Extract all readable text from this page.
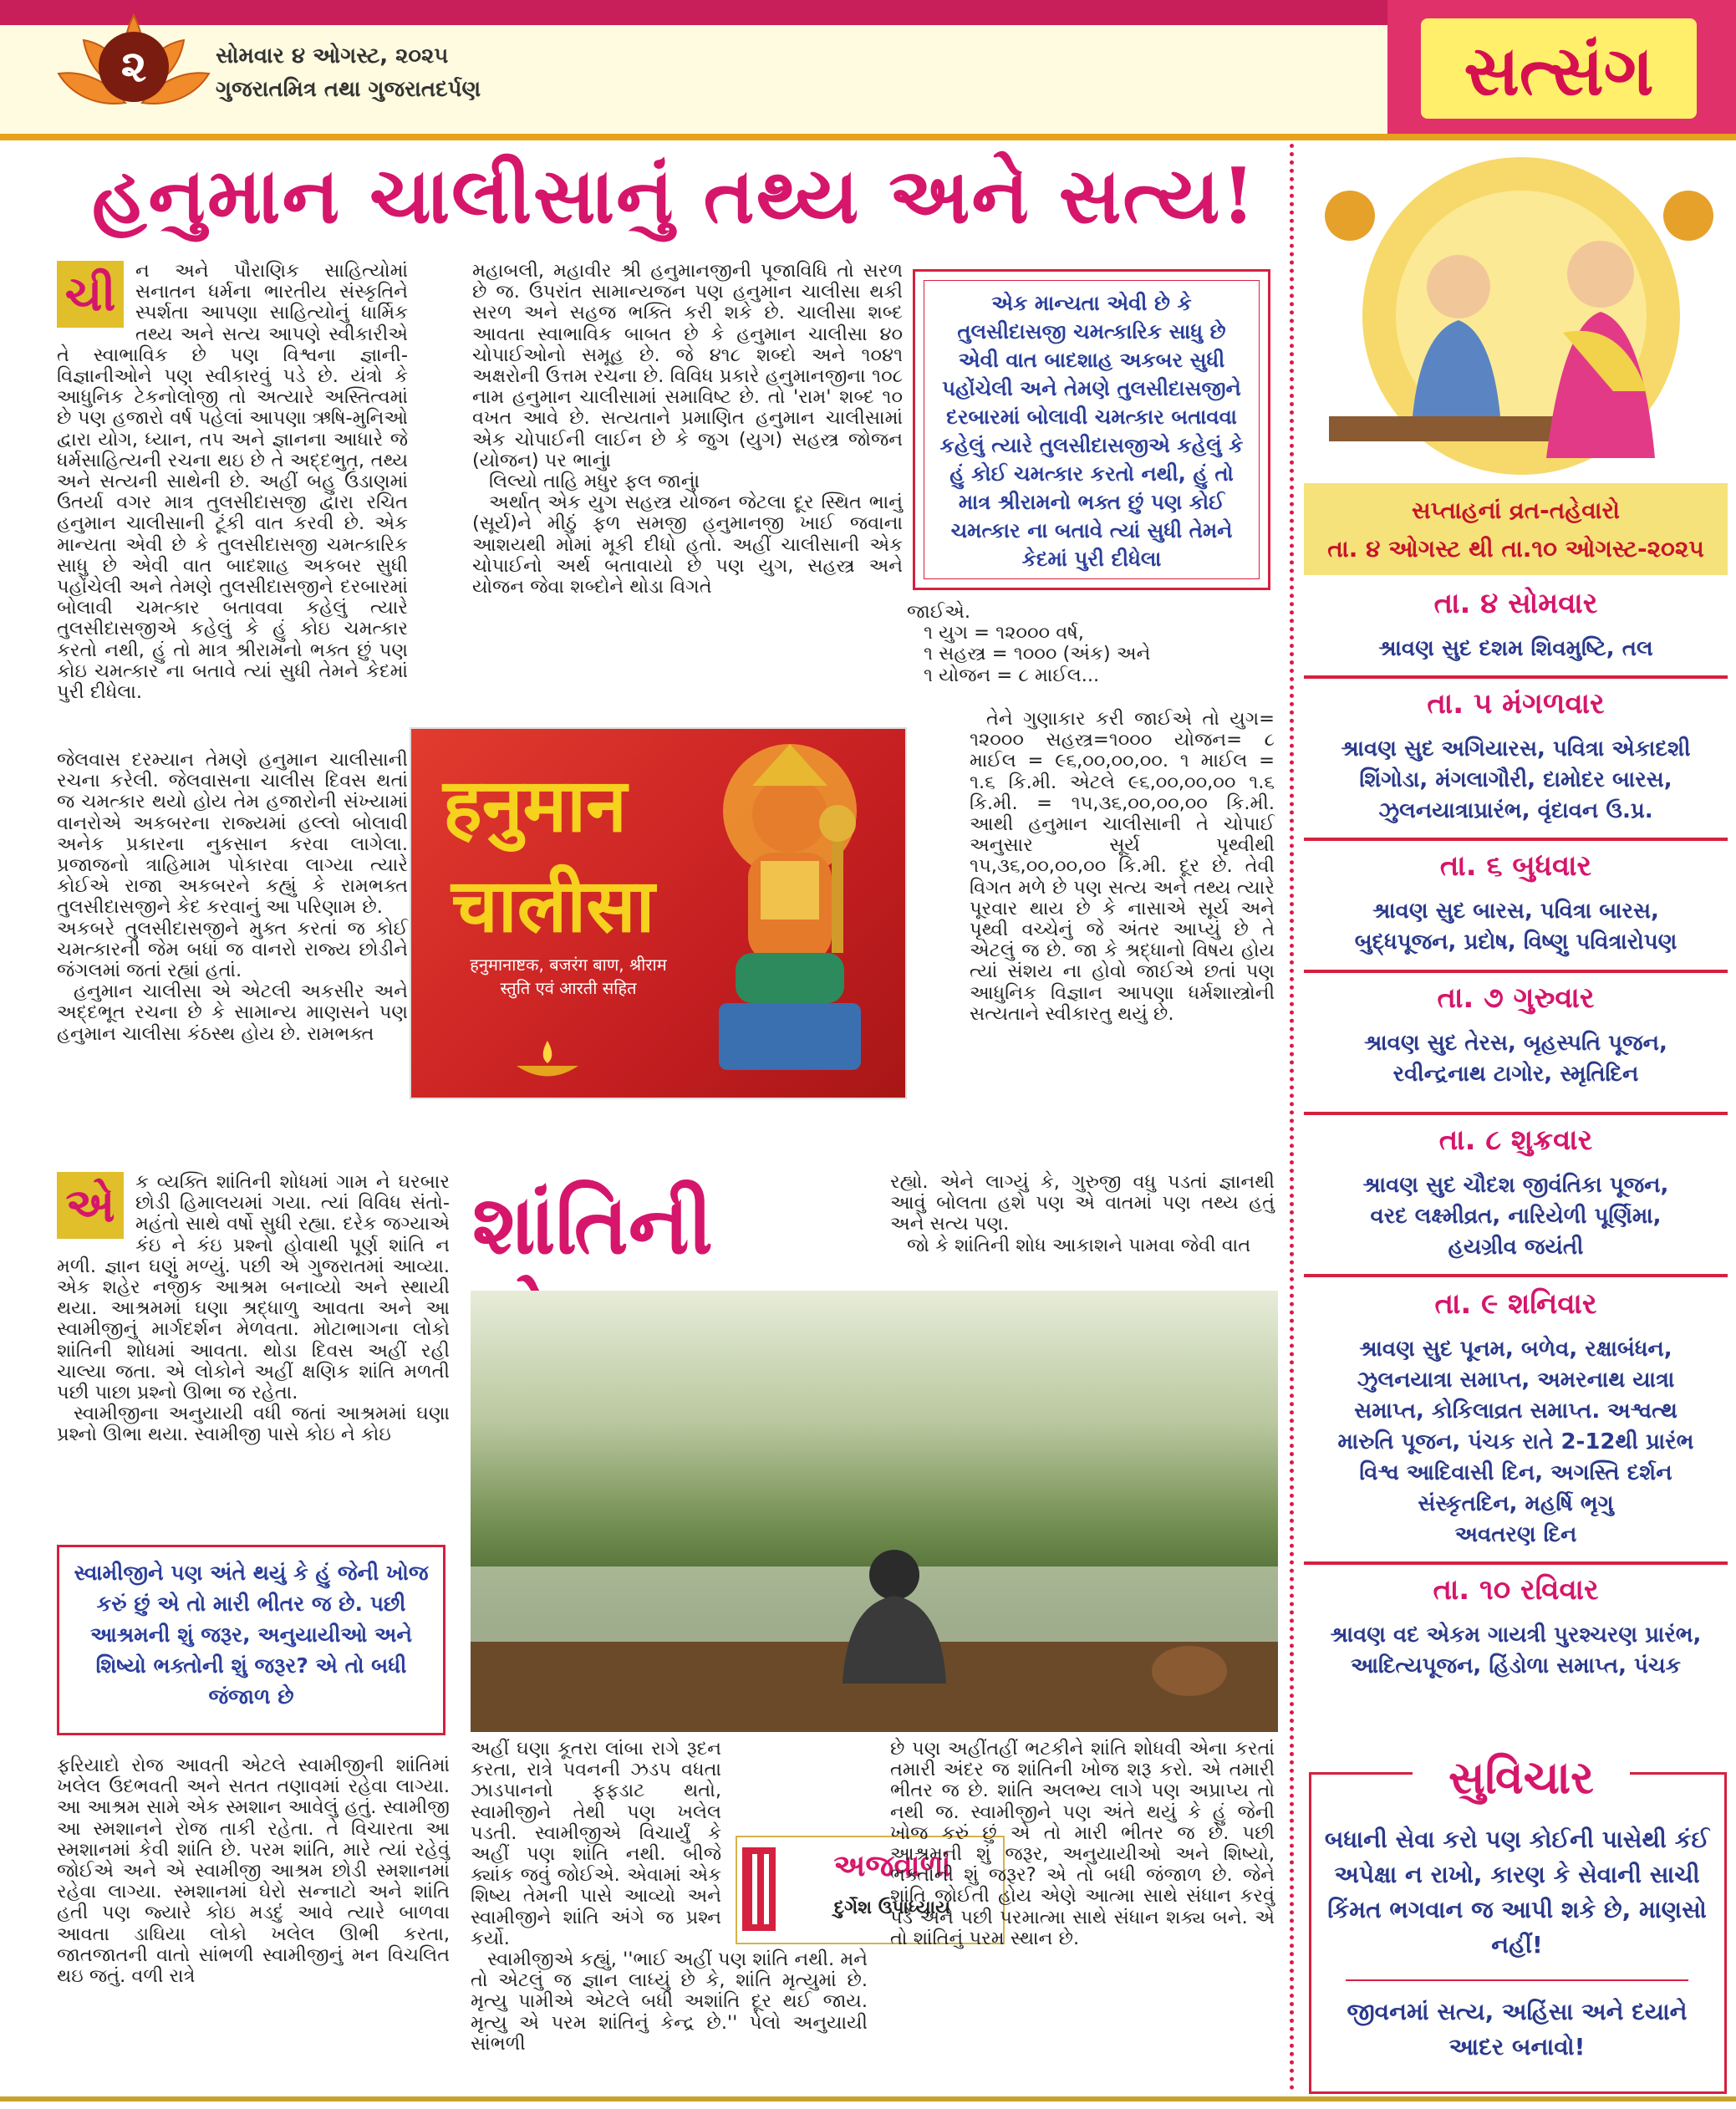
સત્સંગ
૨	સોમવાર ૪ ઓગસ્ટ, ૨૦૨૫
ગુજરાતમિત્ર તથા ગુજરાતદર્પણ
હનુમાન ચાલીસાનું તથ્ય અને સત્ય!
ચી	ન અને પૌરાણિક સાહિત્યોમાં સનાતન ધર્મના ભારતીય સંસ્કૃતિને સ્પર્શતા આપણા સાહિત્યોનું ધાર્મિક તથ્ય અને સત્ય આપણે સ્વીકારીએ તે સ્વાભાવિક છે પણ વિશ્વના જ્ઞાની-વિજ્ઞાનીઓને પણ સ્વીકારવું પડે છે. યંત્રો કે આધુનિક ટેકનોલોજી તો અત્યારે અસ્તિત્વમાં છે પણ હજારો વર્ષ પહેલાં આપણા ઋષિ-મુનિઓ દ્વારા યોગ, ધ્યાન, તપ અને જ્ઞાનના આધારે જે ધર્મસાહિત્યની રચના થઇ છે તે અદ્દભુત, તથ્ય અને સત્યની સાથેની છે. અહીં બહુ ઉંડાણમાં ઉતર્યા વગર માત્ર તુલસીદાસજી દ્વારા રચિત હનુમાન ચાલીસાની ટૂંકી વાત કરવી છે. એક માન્યતા એવી છે કે તુલસીદાસજી ચમત્કારિક સાધુ છે એવી વાત બાદશાહ અકબર સુધી પહોંચેલી અને તેમણે તુલસીદાસજીને દરબારમાં બોલાવી ચમત્કાર બતાવવા કહેલું ત્યારે તુલસીદાસજીએ કહેલું કે હું કોઇ ચમત્કાર કરતો નથી, હું તો માત્ર શ્રીરામનો ભક્ત છું પણ કોઇ ચમત્કાર ના બતાવે ત્યાં સુધી તેમને કેદમાં પુરી દીધેલા.

જેલવાસ દરમ્યાન તેમણે હનુમાન ચાલીસાની રચના કરેલી. જેલવાસના ચાલીસ દિવસ થતાં જ ચમત્કાર થયો હોય તેમ હજારોની સંખ્યામાં વાનરોએ અકબરના રાજ્યમાં હલ્લો બોલાવી અનેક પ્રકારના નુકસાન કરવા લાગેલા. પ્રજાજનો ત્રાહિમામ પોકારવા લાગ્યા ત્યારે કોઈએ રાજા અકબરને કહ્યું કે રામભક્ત તુલસીદાસજીને કેદ કરવાનું આ પરિણામ છે.

અકબરે તુલસીદાસજીને મુક્ત કરતાં જ કોઈ ચમત્કારની જેમ બધાં જ વાનરો રાજ્ય છોડીને જંગલમાં જતાં રહ્યાં હતાં.

હનુમાન ચાલીસા એ એટલી અકસીર અને અદ્દભૂત રચના છે કે સામાન્ય માણસને પણ હનુમાન ચાલીસા કંઠસ્થ હોય છે. રામભક્ત

મહાબલી, મહાવીર શ્રી હનુમાનજીની પૂજાવિધિ તો સરળ છે જ. ઉપરાંત સામાન્યજન પણ હનુમાન ચાલીસા થકી સરળ અને સહજ ભક્તિ કરી શકે છે. ચાલીસા શબ્દ આવતા સ્વાભાવિક બાબત છે કે હનુમાન ચાલીસા ૪૦ ચોપાઈઓનો સમૂહ છે. જે ૪૧૮ શબ્દો અને ૧૦૪૧ અક્ષરોની ઉત્તમ રચના છે. વિવિધ પ્રકારે હનુમાનજીના ૧૦૮ નામ હનુમાન ચાલીસામાં સમાવિષ્ટ છે. તો 'રામ' શબ્દ ૧૦ વખત આવે છે. સત્યતાને પ્રમાણિત હનુમાન ચાલીસામાં એક ચોપાઈની લાઈન છે કે જુગ (યુગ) સહસ્ત્ર જોજન (યોજન) પર ભાનું।

લિલ્યો તાહિ મધુર ફલ જાનું।

અર્થાત્ એક યુગ સહસ્ત્ર યોજન જેટલા દૂર સ્થિત ભાનું (સૂર્ય)ને મીઠું ફળ સમજી હનુમાનજી ખાઈ જવાના આશયથી મોમાં મૂકી દીધો હતો. અહીં ચાલીસાની એક ચોપાઈનો અર્થ બતાવાયો છે પણ યુગ, સહસ્ત્ર અને યોજન જેવા શબ્દોને થોડા વિગતે

એક માન્યતા એવી છે કે તુલસીદાસજી ચમત્કારિક સાધુ છે એવી વાત બાદશાહ અકબર સુધી પહોંચેલી અને તેમણે તુલસીદાસજીને દરબારમાં બોલાવી ચમત્કાર બતાવવા કહેલું ત્યારે તુલસીદાસજીએ કહેલું કે હું કોઈ ચમત્કાર કરતો નથી, હું તો માત્ર શ્રીરામનો ભક્ત છું પણ કોઈ ચમત્કાર ના બતાવે ત્યાં સુધી તેમને કેદમાં પુરી દીધેલા

જાઈએ.

૧ યુગ = ૧૨૦૦૦ વર્ષ,

૧ સહસ્ત્ર = ૧૦૦૦ (અંક) અને

૧ યોજન = ૮ માઈલ...

તેને ગુણાકાર કરી જાઈએ તો યુગ= ૧૨૦૦૦ સહસ્ત્ર=૧૦૦૦ યોજન= ૮ માઈલ = ૯૬,૦૦,૦૦,૦૦. ૧ માઈલ = ૧.૬ કિ.મી. એટલે ૯૬,૦૦,૦૦,૦૦ ૧.૬ કિ.મી. = ૧૫,૩૬,૦૦,૦૦,૦૦ કિ.મી. આથી હનુમાન ચાલીસાની તે ચોપાઈ અનુસાર સૂર્ય પૃથ્વીથી ૧૫,૩૬,૦૦,૦૦,૦૦ કિ.મી. દૂર છે. તેવી વિગત મળે છે પણ સત્ય અને તથ્ય ત્યારે પૂરવાર થાય છે કે નાસાએ સૂર્ય અને પૃથ્વી વચ્ચેનું જે અંતર આપ્યું છે તે એટલું જ છે. જા કે શ્રદ્ધાનો વિષય હોય ત્યાં સંશય ના હોવો જાઈએ છતાં પણ આધુનિક વિજ્ઞાન આપણા ધર્મશાસ્ત્રોની સત્યતાને સ્વીકારતુ થયું છે.

हनुमान
चालीसा
हनुमानाष्टक, बजरंग बाण, श्रीराम स्तुति एवं आरती सहित
એ	ક વ્યક્તિ શાંતિની શોધમાં ગામ ને ઘરબાર છોડી હિમાલયમાં ગયા. ત્યાં વિવિધ સંતો-મહંતો સાથે વર્ષો સુધી રહ્યા. દરેક જગ્યાએ કંઇ ને કંઇ પ્રશ્નો હોવાથી પૂર્ણ શાંતિ ન મળી. જ્ઞાન ઘણું મળ્યું. પછી એ ગુજરાતમાં આવ્યા. એક શહેર નજીક આશ્રમ બનાવ્યો અને સ્થાયી થયા. આશ્રમમાં ઘણા શ્રદ્ધાળુ આવતા અને આ સ્વામીજીનું માર્ગદર્શન મેળવતા. મોટાભાગના લોકો શાંતિની શોધમાં આવતા. થોડા દિવસ અહીં રહી ચાલ્યા જતા. એ લોકોને અહીં ક્ષણિક શાંતિ મળતી પછી પાછા પ્રશ્નો ઊભા જ રહેતા.

સ્વામીજીના અનુયાયી વધી જતાં આશ્રમમાં ઘણા પ્રશ્નો ઊભા થયા. સ્વામીજી પાસે કોઇ ને કોઇ

સ્વામીજીને પણ અંતે થયું કે હું જેની ખોજ કરું છું એ તો મારી ભીતર જ છે. પછી આશ્રમની શું જરૂર, અનુયાયીઓ અને શિષ્યો ભક્તોની શું જરૂર? એ તો બધી જંજાળ છે

ફરિયાદો રોજ આવતી એટલે સ્વામીજીની શાંતિમાં ખલેલ ઉદભવતી અને સતત તણાવમાં રહેવા લાગ્યા. આ આશ્રમ સામે એક સ્મશાન આવેલું હતું. સ્વામીજી આ સ્મશાનને રોજ તાકી રહેતા. તે વિચારતા આ સ્મશાનમાં કેવી શાંતિ છે. પરમ શાંતિ, મારે ત્યાં રહેવું જોઈએ અને એ સ્વામીજી આશ્રમ છોડી સ્મશાનમાં રહેવા લાગ્યા. સ્મશાનમાં ઘેરો સન્નાટો અને શાંતિ હતી પણ જ્યારે કોઇ મડદું આવે ત્યારે બાળવા આવતા ડાઘિયા લોકો ખલેલ ઊભી કરતા, જાતજાતની વાતો સાંભળી સ્વામીજીનું મન વિચલિત થઇ જતું. વળી રાત્રે

શાંતિની	રહ્યો. એને લાગ્યું કે, ગુરુજી વધુ પડતાં જ્ઞાનથી આવું બોલતા હશે પણ એ વાતમાં પણ તથ્ય હતું અને સત્ય પણ.

જો કે શાંતિની શોધ આકાશને પામવા જેવી વાત

અહીં ઘણા કૂતરા લાંબા રાગે રૂદન કરતા, રાત્રે પવનની ઝડપ વધતા ઝાડપાનનો ફફડાટ થતો, સ્વામીજીને તેથી પણ ખલેલ પડતી. સ્વામીજીએ વિચાર્યું કે અહીં પણ શાંતિ નથી. બીજે ક્યાંક જવું જોઈએ. એવામાં એક શિષ્ય તેમની પાસે આવ્યો અને સ્વામીજીને શાંતિ અંગે જ પ્રશ્ન કર્યો.

સ્વામીજીએ કહ્યું, ''ભાઈ અહીં પણ શાંતિ નથી. મને તો એટલું જ જ્ઞાન લાધ્યું છે કે, શાંતિ મૃત્યુમાં છે. મૃત્યુ પામીએ એટલે બધી અશાંતિ દૂર થઈ જાય. મૃત્યુ એ પરમ શાંતિનું કેન્દ્ર છે.'' પેલો અનુયાયી સાંભળી

અજવાળાં
દુર્ગેશ ઉપાધ્યાય

છે પણ અહીંતહીં ભટકીને શાંતિ શોધવી એના કરતાં તમારી અંદર જ શાંતિની ખોજ શરૂ કરો. એ તમારી ભીતર જ છે. શાંતિ અલભ્ય લાગે પણ અપ્રાપ્ય તો નથી જ. સ્વામીજીને પણ અંતે થયું કે હું જેની ખોજ કરું છું એ તો મારી ભીતર જ છે. પછી આશ્રમની શું જરૂર, અનુયાયીઓ અને શિષ્યો, ભક્તોની શું જરૂર? એ તો બધી જંજાળ છે. જેને શાંતિ જોઈતી હોય એણે આત્મા સાથે સંધાન કરવું પડે અને પછી પરમાત્મા સાથે સંધાન શક્ય બને. એ તો શાંતિનું પરમ સ્થાન છે.

સપ્તાહનાં વ્રત-તહેવારો
તા. ૪ ઓગસ્ટ થી તા.૧૦ ઓગસ્ટ-૨૦૨૫
તા. ૪ સોમવાર
શ્રાવણ સુદ દશમ શિવમુષ્ટિ, તલ
તા. ૫ મંગળવાર
શ્રાવણ સુદ અગિયારસ, પવિત્રા એકાદશી
શિંગોડા, મંગલાગૌરી, દામોદર બારસ,
ઝુલનયાત્રાપ્રારંભ, વૃંદાવન ઉ.પ્ર.
તા. ૬ બુધવાર
શ્રાવણ સુદ બારસ, પવિત્રા બારસ,
બુદ્ધપૂજન, પ્રદોષ, વિષ્ણુ પવિત્રારોપણ
તા. ૭ ગુરુવાર
શ્રાવણ સુદ તેરસ, બૃહસ્પતિ પૂજન,
રવીન્દ્રનાથ ટાગોર, સ્મૃતિદિન
તા. ૮ શુક્રવાર
શ્રાવણ સુદ ચૌદશ જીવંતિકા પૂજન,
વરદ લક્ષ્મીવ્રત, નારિયેળી પૂર્ણિમા,
હયગ્રીવ જયંતી
તા. ૯ શનિવાર
શ્રાવણ સુદ પૂનમ, બળેવ, રક્ષાબંધન,
ઝુલનયાત્રા સમાપ્ત, અમરનાથ યાત્રા
સમાપ્ત, કોકિલાવ્રત સમાપ્ત. અશ્વત્થ
મારુતિ પૂજન, પંચક રાતે 2-12થી પ્રારંભ
વિશ્વ આદિવાસી દિન, અગસ્તિ દર્શન
સંસ્કૃતદિન, મહર્ષિ ભૃગુ
અવતરણ દિન
તા. ૧૦ રવિવાર
શ્રાવણ વદ એકમ ગાયત્રી પુરશ્ચરણ પ્રારંભ,
આદિત્યપૂજન, હિંડોળા સમાપ્ત, પંચક
સુવિચાર
બધાની સેવા કરો પણ કોઈની પાસેથી કંઈ અપેક્ષા ન રાખો, કારણ કે સેવાની સાચી કિંમત ભગવાન જ આપી શકે છે, માણસો નહીં!
જીવનમાં સત્ય, અહિંસા અને દયાને આદર બનાવો!
